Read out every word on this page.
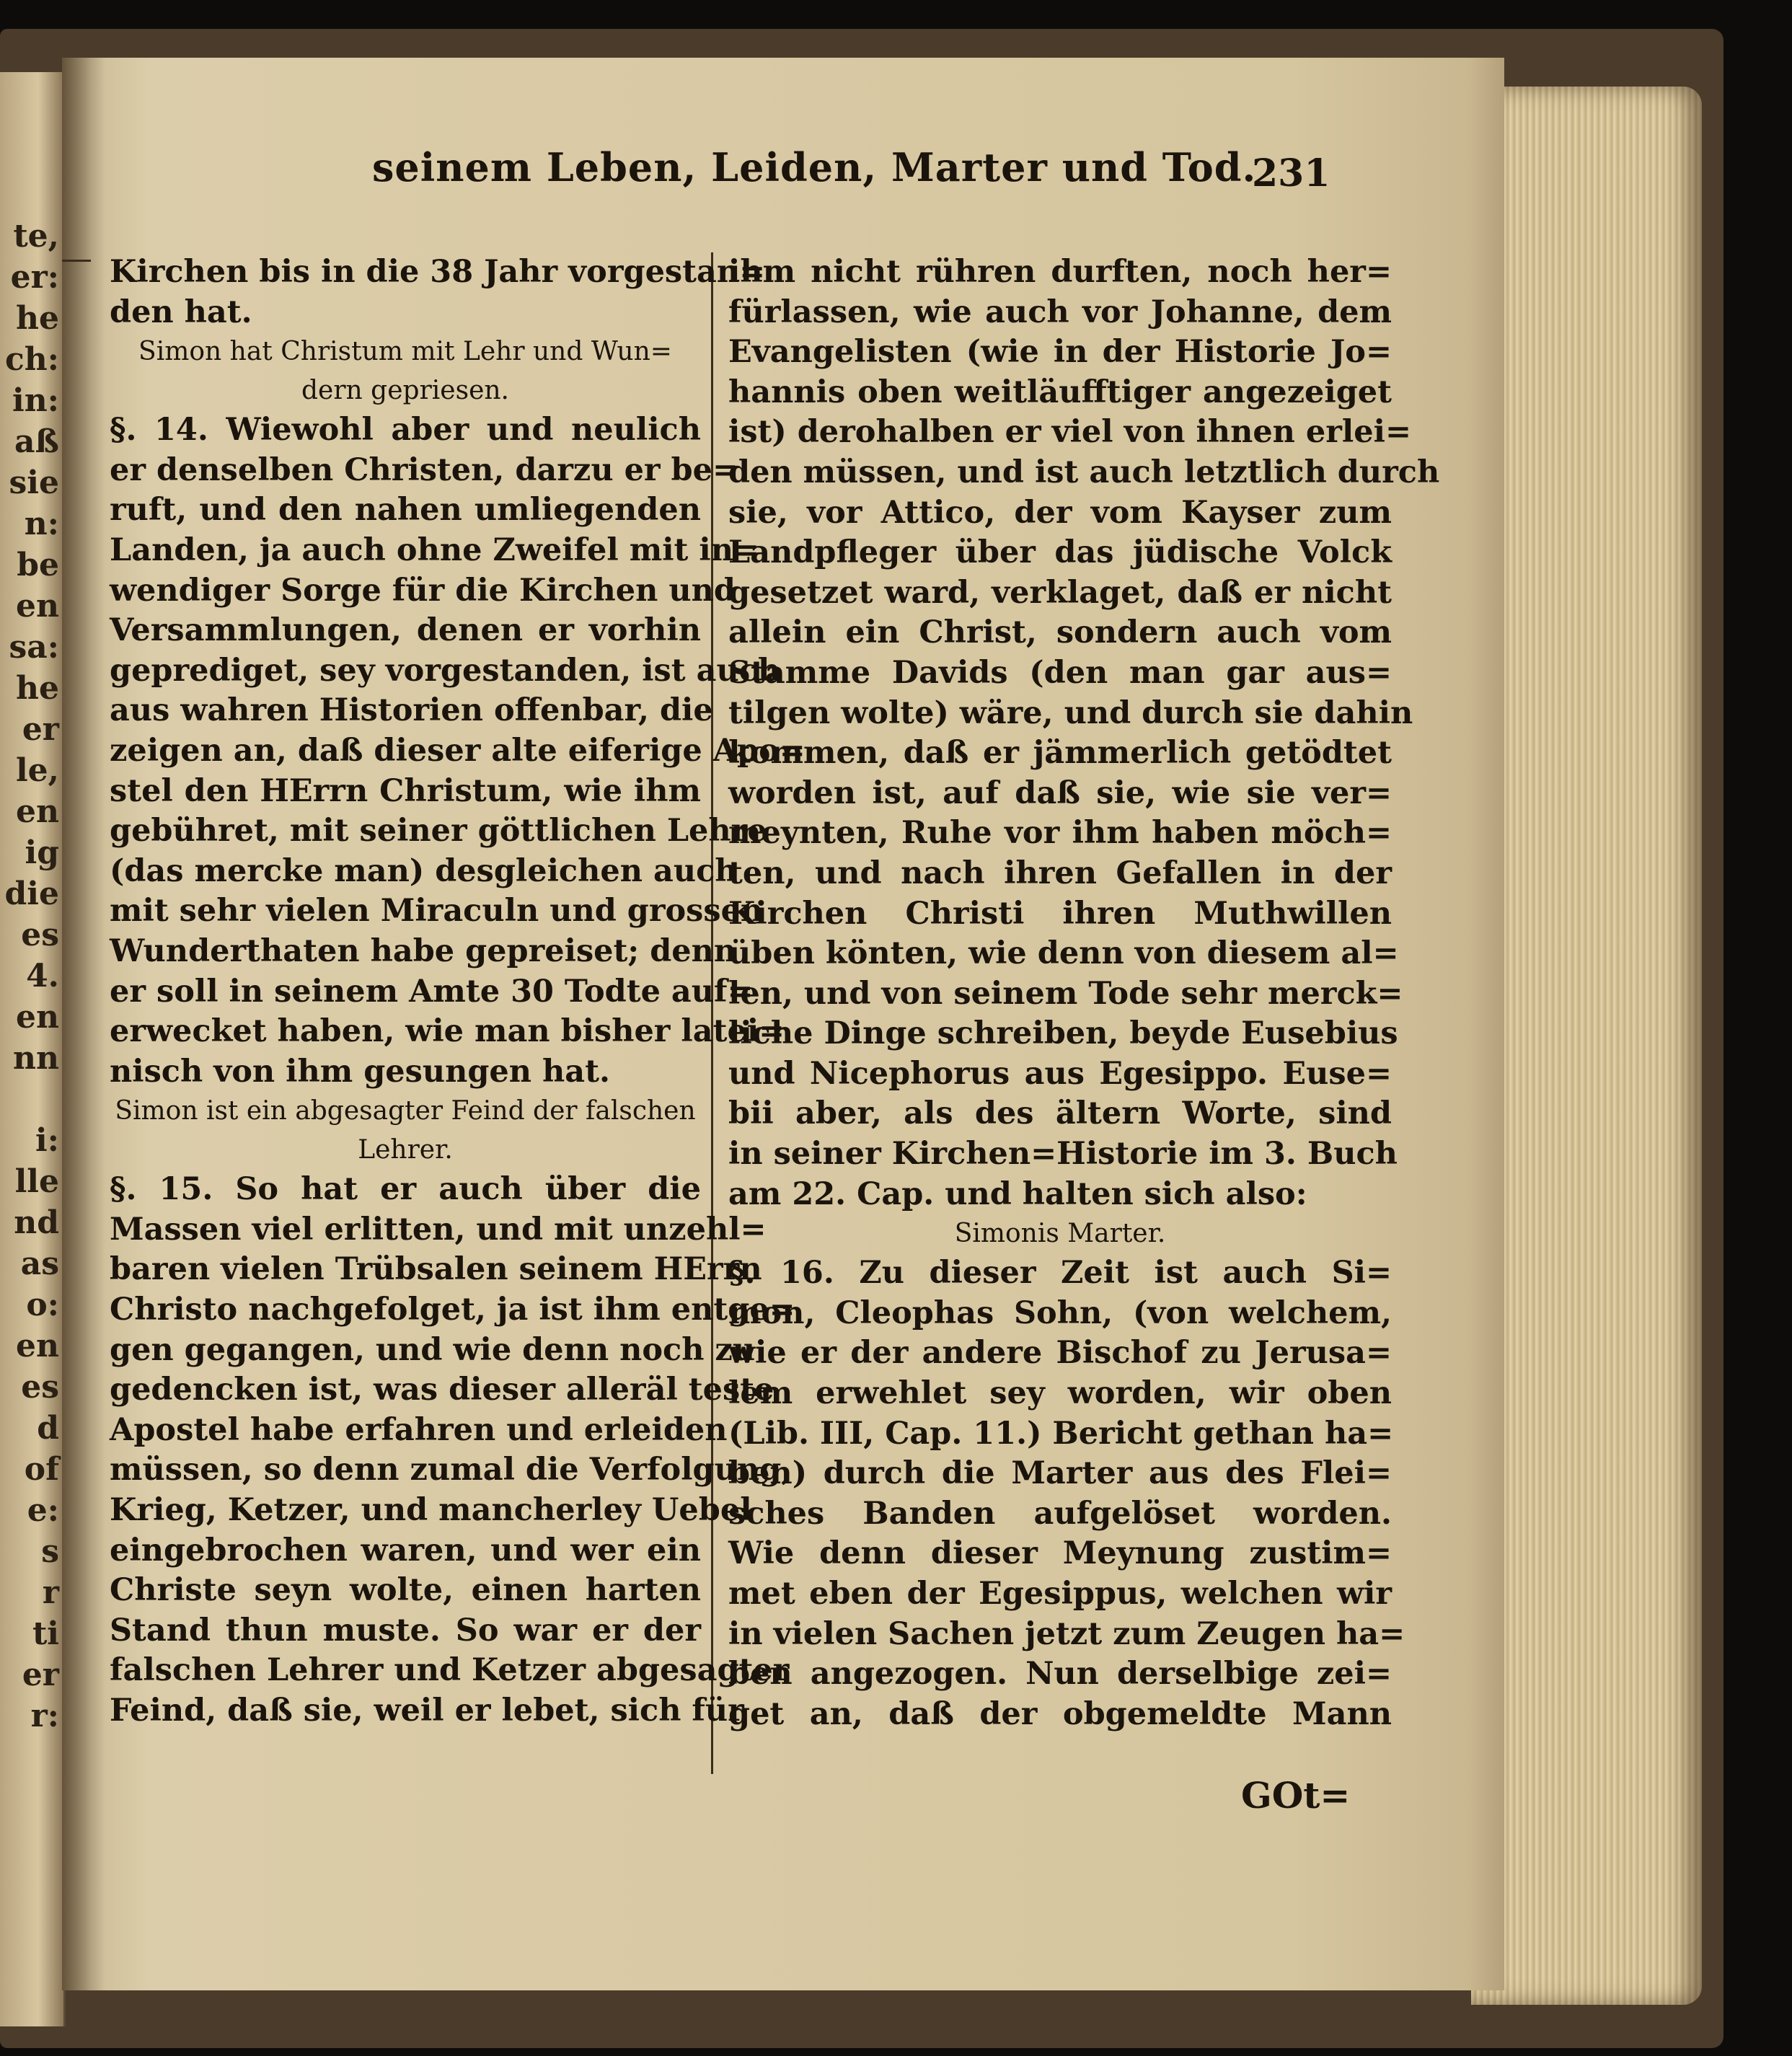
te,
er:
he
ch:
in:
aß
sie
n:
be
en
sa:
he
er
le,
en
ig
die
es
4.
en
nn
i:
lle
nd
as
o:
en
es
d
of
e:
s
r
ti
er
r:
seinem Leben, Leiden, Marter und Tod.
231
Kirchen bis in die 38 Jahr vorgestan=
den hat.
Simon hat Christum mit Lehr und Wun=
dern gepriesen.
§. 14. Wiewohl aber und neulich
er denselben Christen, darzu er be=
ruft, und den nahen umliegenden
Landen, ja auch ohne Zweifel mit in=
wendiger Sorge für die Kirchen und
Versammlungen, denen er vorhin
geprediget, sey vorgestanden, ist auch
aus wahren Historien offenbar, die
zeigen an, daß dieser alte eiferige Apo=
stel den HErrn Christum, wie ihm
gebühret, mit seiner göttlichen Lehre
(das mercke man) desgleichen auch
mit sehr vielen Miraculn und grossen
Wunderthaten habe gepreiset; denn
er soll in seinem Amte 30 Todte auf=
erwecket haben, wie man bisher latei=
nisch von ihm gesungen hat.
Simon ist ein abgesagter Feind der falschen
Lehrer.
§. 15. So hat er auch über die
Massen viel erlitten, und mit unzehl=
baren vielen Trübsalen seinem HErrn
Christo nachgefolget, ja ist ihm entge=
gen gegangen, und wie denn noch zu
gedencken ist, was dieser alleräl teste
Apostel habe erfahren und erleiden
müssen, so denn zumal die Verfolgung,
Krieg, Ketzer, und mancherley Uebel
eingebrochen waren, und wer ein
Christe seyn wolte, einen harten
Stand thun muste. So war er der
falschen Lehrer und Ketzer abgesagter
Feind, daß sie, weil er lebet, sich für
ihm nicht rühren durften, noch her=
fürlassen, wie auch vor Johanne, dem
Evangelisten (wie in der Historie Jo=
hannis oben weitläufftiger angezeiget
ist) derohalben er viel von ihnen erlei=
den müssen, und ist auch letztlich durch
sie, vor Attico, der vom Kayser zum
Landpfleger über das jüdische Volck
gesetzet ward, verklaget, daß er nicht
allein ein Christ, sondern auch vom
Stamme Davids (den man gar aus=
tilgen wolte) wäre, und durch sie dahin
kommen, daß er jämmerlich getödtet
worden ist, auf daß sie, wie sie ver=
meynten, Ruhe vor ihm haben möch=
ten, und nach ihren Gefallen in der
Kirchen Christi ihren Muthwillen
üben könten, wie denn von diesem al=
len, und von seinem Tode sehr merck=
liche Dinge schreiben, beyde Eusebius
und Nicephorus aus Egesippo. Euse=
bii aber, als des ältern Worte, sind
in seiner Kirchen=Historie im 3. Buch
am 22. Cap. und halten sich also:
Simonis Marter.
§. 16. Zu dieser Zeit ist auch Si=
mon, Cleophas Sohn, (von welchem,
wie er der andere Bischof zu Jerusa=
lem erwehlet sey worden, wir oben
(Lib. III, Cap. 11.) Bericht gethan ha=
ben) durch die Marter aus des Flei=
sches Banden aufgelöset worden.
Wie denn dieser Meynung zustim=
met eben der Egesippus, welchen wir
in vielen Sachen jetzt zum Zeugen ha=
ben angezogen. Nun derselbige zei=
get an, daß der obgemeldte Mann
GOt=
